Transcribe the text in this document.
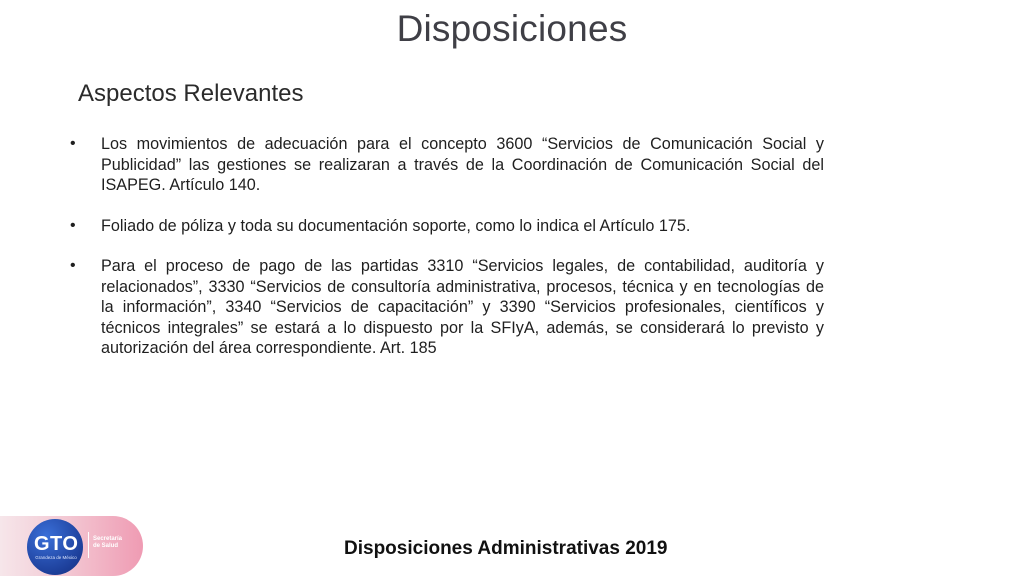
Disposiciones
Aspectos Relevantes
•	Los movimientos de adecuación para el concepto 3600 “Servicios de Comunicación Social y Publicidad” las gestiones se realizaran a través de la Coordinación de Comunicación Social del ISAPEG. Artículo 140.
•	Foliado de póliza y toda su documentación soporte, como lo indica el Artículo 175.
•	Para el proceso de pago de las partidas 3310 “Servicios legales, de contabilidad, auditoría y relacionados”, 3330 “Servicios de consultoría administrativa, procesos, técnica y en tecnologías de la información”, 3340 “Servicios de capacitación” y 3390 “Servicios profesionales, científicos y técnicos integrales” se estará a lo dispuesto por la SFIyA, además, se considerará lo previsto y autorización del área correspondiente. Art. 185
GTO
Grandeza de México
Secretaría
de Salud	Disposiciones Administrativas 2019
